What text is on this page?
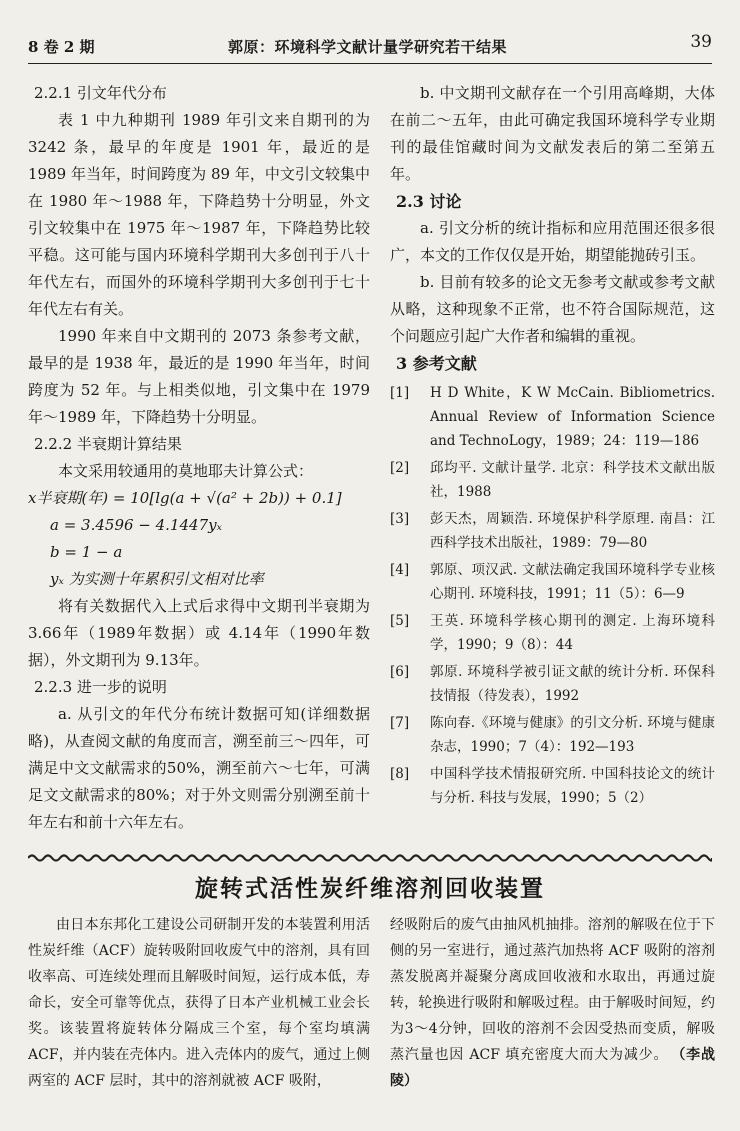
8 卷 2 期	郭原：环境科学文献计量学研究若干结果	39

2.2.1 引文年代分布

表 1 中九种期刊 1989 年引文来自期刊的为 3242 条，最早的年度是 1901 年，最近的是 1989 年当年，时间跨度为 89 年，中文引文较集中在 1980 年～1988 年，下降趋势十分明显，外文引文较集中在 1975 年～1987 年，下降趋势比较平稳。这可能与国内环境科学期刊大多创刊于八十年代左右，而国外的环境科学期刊大多创刊于七十年代左右有关。

1990 年来自中文期刊的 2073 条参考文献，最早的是 1938 年，最近的是 1990 年当年，时间跨度为 52 年。与上相类似地，引文集中在 1979 年～1989 年，下降趋势十分明显。

2.2.2 半衰期计算结果

本文采用较通用的莫地耶夫计算公式：

x半衰期(年) = 10[lg(a + √(a² + 2b)) + 0.1]

a = 3.4596 − 4.1447yₓ

b = 1 − a

yₓ 为实测十年累积引文相对比率

将有关数据代入上式后求得中文期刊半衰期为 3.66年（1989年数据）或 4.14年（1990年数据），外文期刊为 9.13年。

2.2.3 进一步的说明

a. 从引文的年代分布统计数据可知(详细数据略)，从查阅文献的角度而言，溯至前三～四年，可满足中文文献需求的50%，溯至前六～七年，可满足文文献需求的80%；对于外文则需分别溯至前十年左右和前十六年左右。

b. 中文期刊文献存在一个引用高峰期，大体在前二～五年，由此可确定我国环境科学专业期刊的最佳馆藏时间为文献发表后的第二至第五年。

2.3 讨论

a. 引文分析的统计指标和应用范围还很多很广，本文的工作仅仅是开始，期望能抛砖引玉。

b. 目前有较多的论文无参考文献或参考文献从略，这种现象不正常，也不符合国际规范，这个问题应引起广大作者和编辑的重视。

3 参考文献

[1]	H D White，K W McCain. Bibliometrics. Annual Review of Information Science and TechnoLogy，1989；24：119—186
[2]	邱均平. 文献计量学. 北京：科学技术文献出版社，1988
[3]	彭天杰，周颖浩. 环境保护科学原理. 南昌：江西科学技术出版社，1989：79—80
[4]	郭原、项汉武. 文献法确定我国环境科学专业核心期刊. 环境科技，1991；11（5）：6—9
[5]	王英. 环境科学核心期刊的测定. 上海环境科学，1990；9（8）：44
[6]	郭原. 环境科学被引证文献的统计分析. 环保科技情报（待发表），1992
[7]	陈向春.《环境与健康》的引文分析. 环境与健康杂志，1990；7（4）：192—193
[8]	中国科学技术情报研究所. 中国科技论文的统计与分析. 科技与发展，1990；5（2）
旋转式活性炭纤维溶剂回收装置

由日本东邦化工建设公司研制开发的本装置利用活性炭纤维（ACF）旋转吸附回收废气中的溶剂，具有回收率高、可连续处理而且解吸时间短，运行成本低，寿命长，安全可靠等优点，获得了日本产业机械工业会长奖。该装置将旋转体分隔成三个室，每个室均填满 ACF，并内装在壳体内。进入壳体内的废气，通过上侧两室的 ACF 层时，其中的溶剂就被 ACF 吸附，

经吸附后的废气由抽风机抽排。溶剂的解吸在位于下侧的另一室进行，通过蒸汽加热将 ACF 吸附的溶剂蒸发脱离并凝聚分离成回收液和水取出，再通过旋转，轮换进行吸附和解吸过程。由于解吸时间短，约为3～4分钟，回收的溶剂不会因受热而变质，解吸蒸汽量也因 ACF 填充密度大而大为减少。 （李战陵）
